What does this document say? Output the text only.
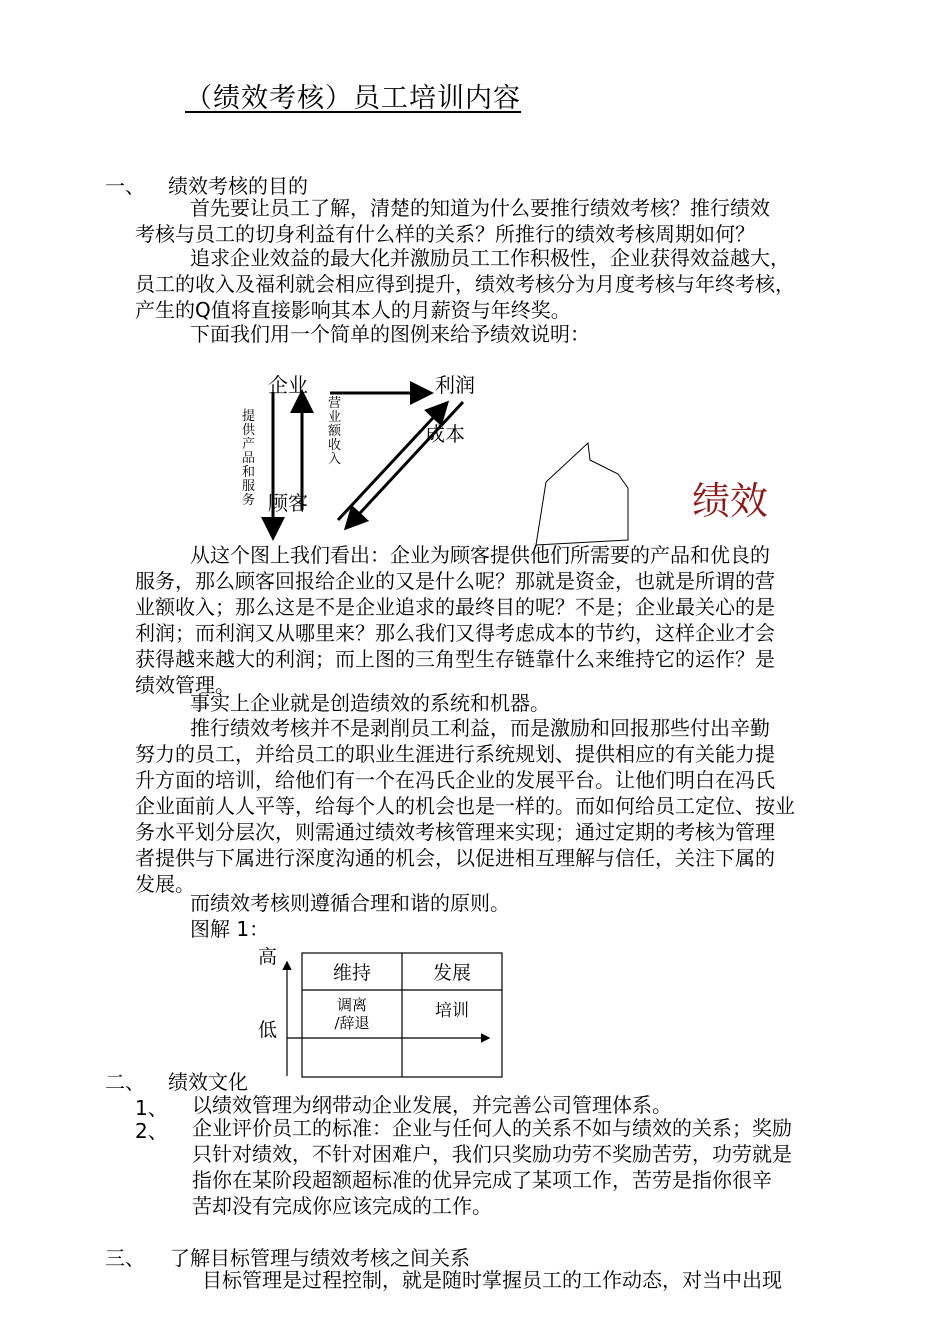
（绩效考核）员工培训内容
一、 绩效考核的目的
首先要让员工了解，清楚的知道为什么要推行绩效考核？推行绩效
考核与员工的切身利益有什么样的关系？所推行的绩效考核周期如何？
追求企业效益的最大化并激励员工工作积极性，企业获得效益越大，
员工的收入及福利就会相应得到提升，绩效考核分为月度考核与年终考核，
产生的Q值将直接影响其本人的月薪资与年终奖。
下面我们用一个简单的图例来给予绩效说明：
企业	利润
成本
顾客
提供产品和服务
营业额收入
绩效
从这个图上我们看出：企业为顾客提供他们所需要的产品和优良的
服务，那么顾客回报给企业的又是什么呢？那就是资金，也就是所谓的营
业额收入；那么这是不是企业追求的最终目的呢？不是；企业最关心的是
利润；而利润又从哪里来？那么我们又得考虑成本的节约，这样企业才会
获得越来越大的利润；而上图的三角型生存链靠什么来维持它的运作？是
绩效管理。
事实上企业就是创造绩效的系统和机器。
推行绩效考核并不是剥削员工利益，而是激励和回报那些付出辛勤
努力的员工，并给员工的职业生涯进行系统规划、提供相应的有关能力提
升方面的培训，给他们有一个在冯氏企业的发展平台。让他们明白在冯氏
企业面前人人平等，给每个人的机会也是一样的。而如何给员工定位、按业
务水平划分层次，则需通过绩效考核管理来实现；通过定期的考核为管理
者提供与下属进行深度沟通的机会，以促进相互理解与信任，关注下属的
发展。
而绩效考核则遵循合理和谐的原则。
图解 1：
高
低
维持	发展
调离
/辞退
培训
二、 绩效文化
1、 以绩效管理为纲带动企业发展，并完善公司管理体系。
2、 企业评价员工的标准：企业与任何人的关系不如与绩效的关系；奖励
只针对绩效，不针对困难户，我们只奖励功劳不奖励苦劳，功劳就是
指你在某阶段超额超标准的优异完成了某项工作，苦劳是指你很辛
苦却没有完成你应该完成的工作。
三、 了解目标管理与绩效考核之间关系
目标管理是过程控制，就是随时掌握员工的工作动态，对当中出现
